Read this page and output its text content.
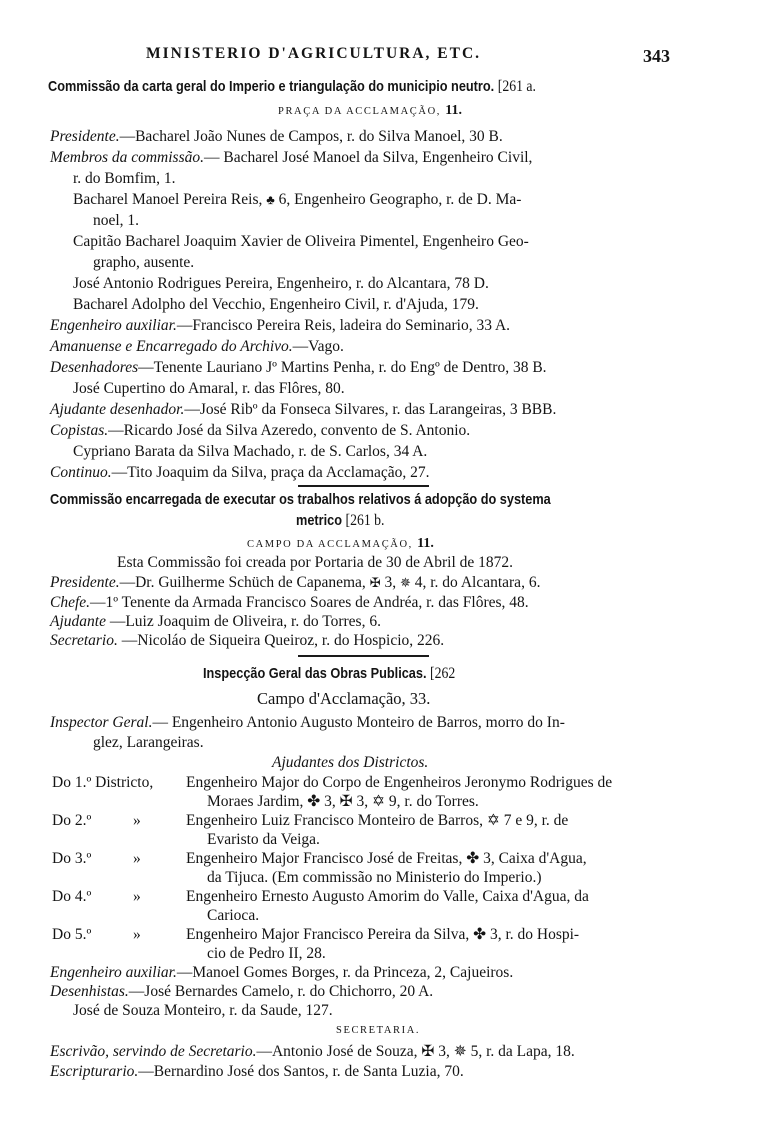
MINISTERIO D'AGRICULTURA, ETC.	343
Commissão da carta geral do Imperio e triangulação do municipio neutro. [261 a.
PRAÇA DA ACCLAMAÇÃO, 11.
Presidente.—Bacharel João Nunes de Campos, r. do Silva Manoel, 30 B.
Membros da commissão.— Bacharel José Manoel da Silva, Engenheiro Civil,
r. do Bomfim, 1.
Bacharel Manoel Pereira Reis, ♣ 6, Engenheiro Geographo, r. de D. Ma-
noel, 1.
Capitão Bacharel Joaquim Xavier de Oliveira Pimentel, Engenheiro Geo-
grapho, ausente.
José Antonio Rodrigues Pereira, Engenheiro, r. do Alcantara, 78 D.
Bacharel Adolpho del Vecchio, Engenheiro Civil, r. d'Ajuda, 179.
Engenheiro auxiliar.—Francisco Pereira Reis, ladeira do Seminario, 33 A.
Amanuense e Encarregado do Archivo.—Vago.
Desenhadores—Tenente Lauriano Jº Martins Penha, r. do Engº de Dentro, 38 B.
José Cupertino do Amaral, r. das Flôres, 80.
Ajudante desenhador.—José Ribº da Fonseca Silvares, r. das Larangeiras, 3 BBB.
Copistas.—Ricardo José da Silva Azeredo, convento de S. Antonio.
Cypriano Barata da Silva Machado, r. de S. Carlos, 34 A.
Continuo.—Tito Joaquim da Silva, praça da Acclamação, 27.
Commissão encarregada de executar os trabalhos relativos á adopção do systema
metrico [261 b.
CAMPO DA ACCLAMAÇÃO, 11.
Esta Commissão foi creada por Portaria de 30 de Abril de 1872.
Presidente.—Dr. Guilherme Schüch de Capanema, ✠ 3, ✵ 4, r. do Alcantara, 6.
Chefe.—1º Tenente da Armada Francisco Soares de Andréa, r. das Flôres, 48.
Ajudante —Luiz Joaquim de Oliveira, r. do Torres, 6.
Secretario. —Nicoláo de Siqueira Queiroz, r. do Hospicio, 226.
Inspecção Geral das Obras Publicas. [262
Campo d'Acclamação, 33.
Inspector Geral.— Engenheiro Antonio Augusto Monteiro de Barros, morro do In-
glez, Larangeiras.
Ajudantes dos Districtos.
Do 1.º Districto, Engenheiro Major do Corpo de Engenheiros Jeronymo Rodrigues de
Moraes Jardim, ✤ 3, ✠ 3, ✡ 9, r. do Torres.
Do 2.º	»	Engenheiro Luiz Francisco Monteiro de Barros, ✡ 7 e 9, r. de
Evaristo da Veiga.
Do 3.º	»	Engenheiro Major Francisco José de Freitas, ✤ 3, Caixa d'Agua,
da Tijuca. (Em commissão no Ministerio do Imperio.)
Do 4.º	»	Engenheiro Ernesto Augusto Amorim do Valle, Caixa d'Agua, da
Carioca.
Do 5.º	»	Engenheiro Major Francisco Pereira da Silva, ✤ 3, r. do Hospi-
cio de Pedro II, 28.
Engenheiro auxiliar.—Manoel Gomes Borges, r. da Princeza, 2, Cajueiros.
Desenhistas.—José Bernardes Camelo, r. do Chichorro, 20 A.
José de Souza Monteiro, r. da Saude, 127.
SECRETARIA.
Escrivão, servindo de Secretario.—Antonio José de Souza, ✠ 3, ✵ 5, r. da Lapa, 18.
Escripturario.—Bernardino José dos Santos, r. de Santa Luzia, 70.
